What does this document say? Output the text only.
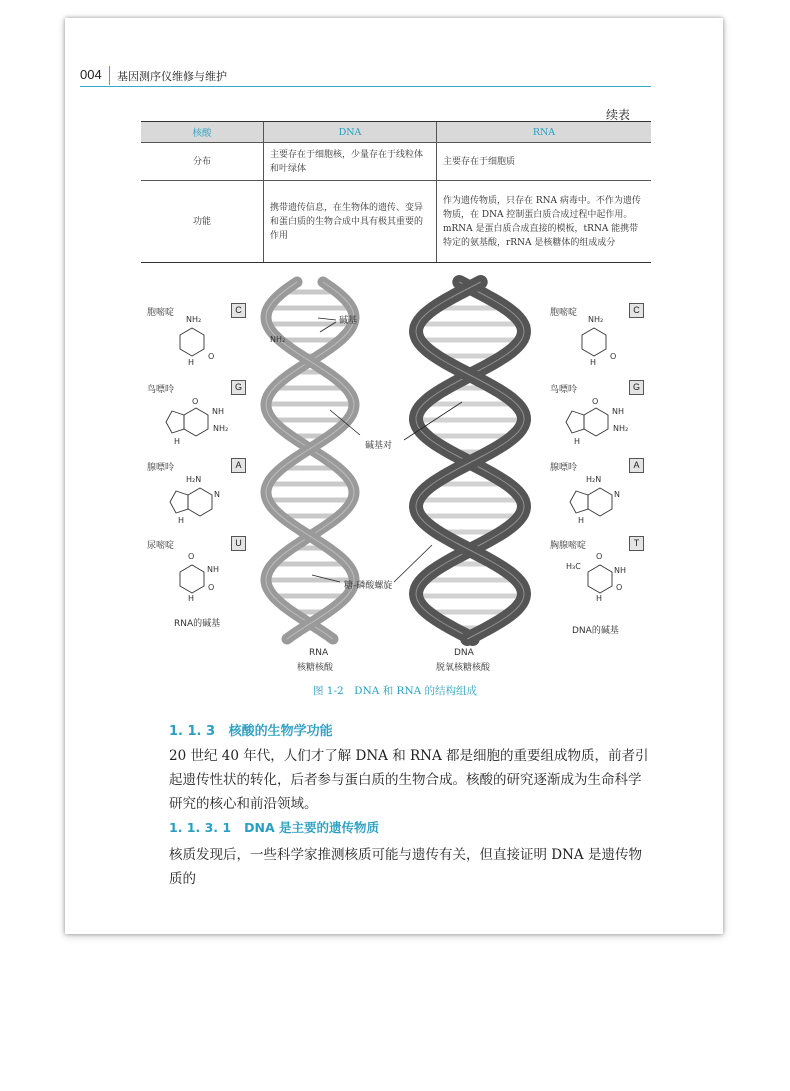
004 基因测序仪维修与维护
续表
核酸	DNA	RNA
分布	主要存在于细胞核，少量存在于线粒体和叶绿体	主要存在于细胞质
功能	携带遗传信息，在生物体的遗传、变异和蛋白质的生物合成中具有极其重要的作用	作为遗传物质，只存在 RNA 病毒中。不作为遗传物质，在 DNA 控制蛋白质合成过程中起作用。mRNA 是蛋白质合成直接的模板，tRNA 能携带特定的氨基酸，rRNA 是核糖体的组成成分
NH₂
H
O
O
NH
NH₂
H
H₂N
N
H
O
NH
O
H
NH₂
H
O
O
NH
NH₂
H
H₂N
N
H
O
H₃C	NH
O
H
胞嘧啶	C
鸟嘌呤	G
腺嘌呤	A
尿嘧啶	U
RNA的碱基
胞嘧啶	C
鸟嘌呤	G
腺嘌呤	A
胸腺嘧啶	T
DNA的碱基
碱基
NH₂
碱基对
糖-磷酸螺旋
RNA
核糖核酸
DNA
脱氧核糖核酸
图 1-2　DNA 和 RNA 的结构组成
1. 1. 3 核酸的生物学功能
20 世纪 40 年代，人们才了解 DNA 和 RNA 都是细胞的重要组成物质，前者引起遗传性状的转化，后者参与蛋白质的生物合成。核酸的研究逐渐成为生命科学研究的核心和前沿领域。
1. 1. 3. 1 DNA 是主要的遗传物质
核质发现后，一些科学家推测核质可能与遗传有关，但直接证明 DNA 是遗传物质的
